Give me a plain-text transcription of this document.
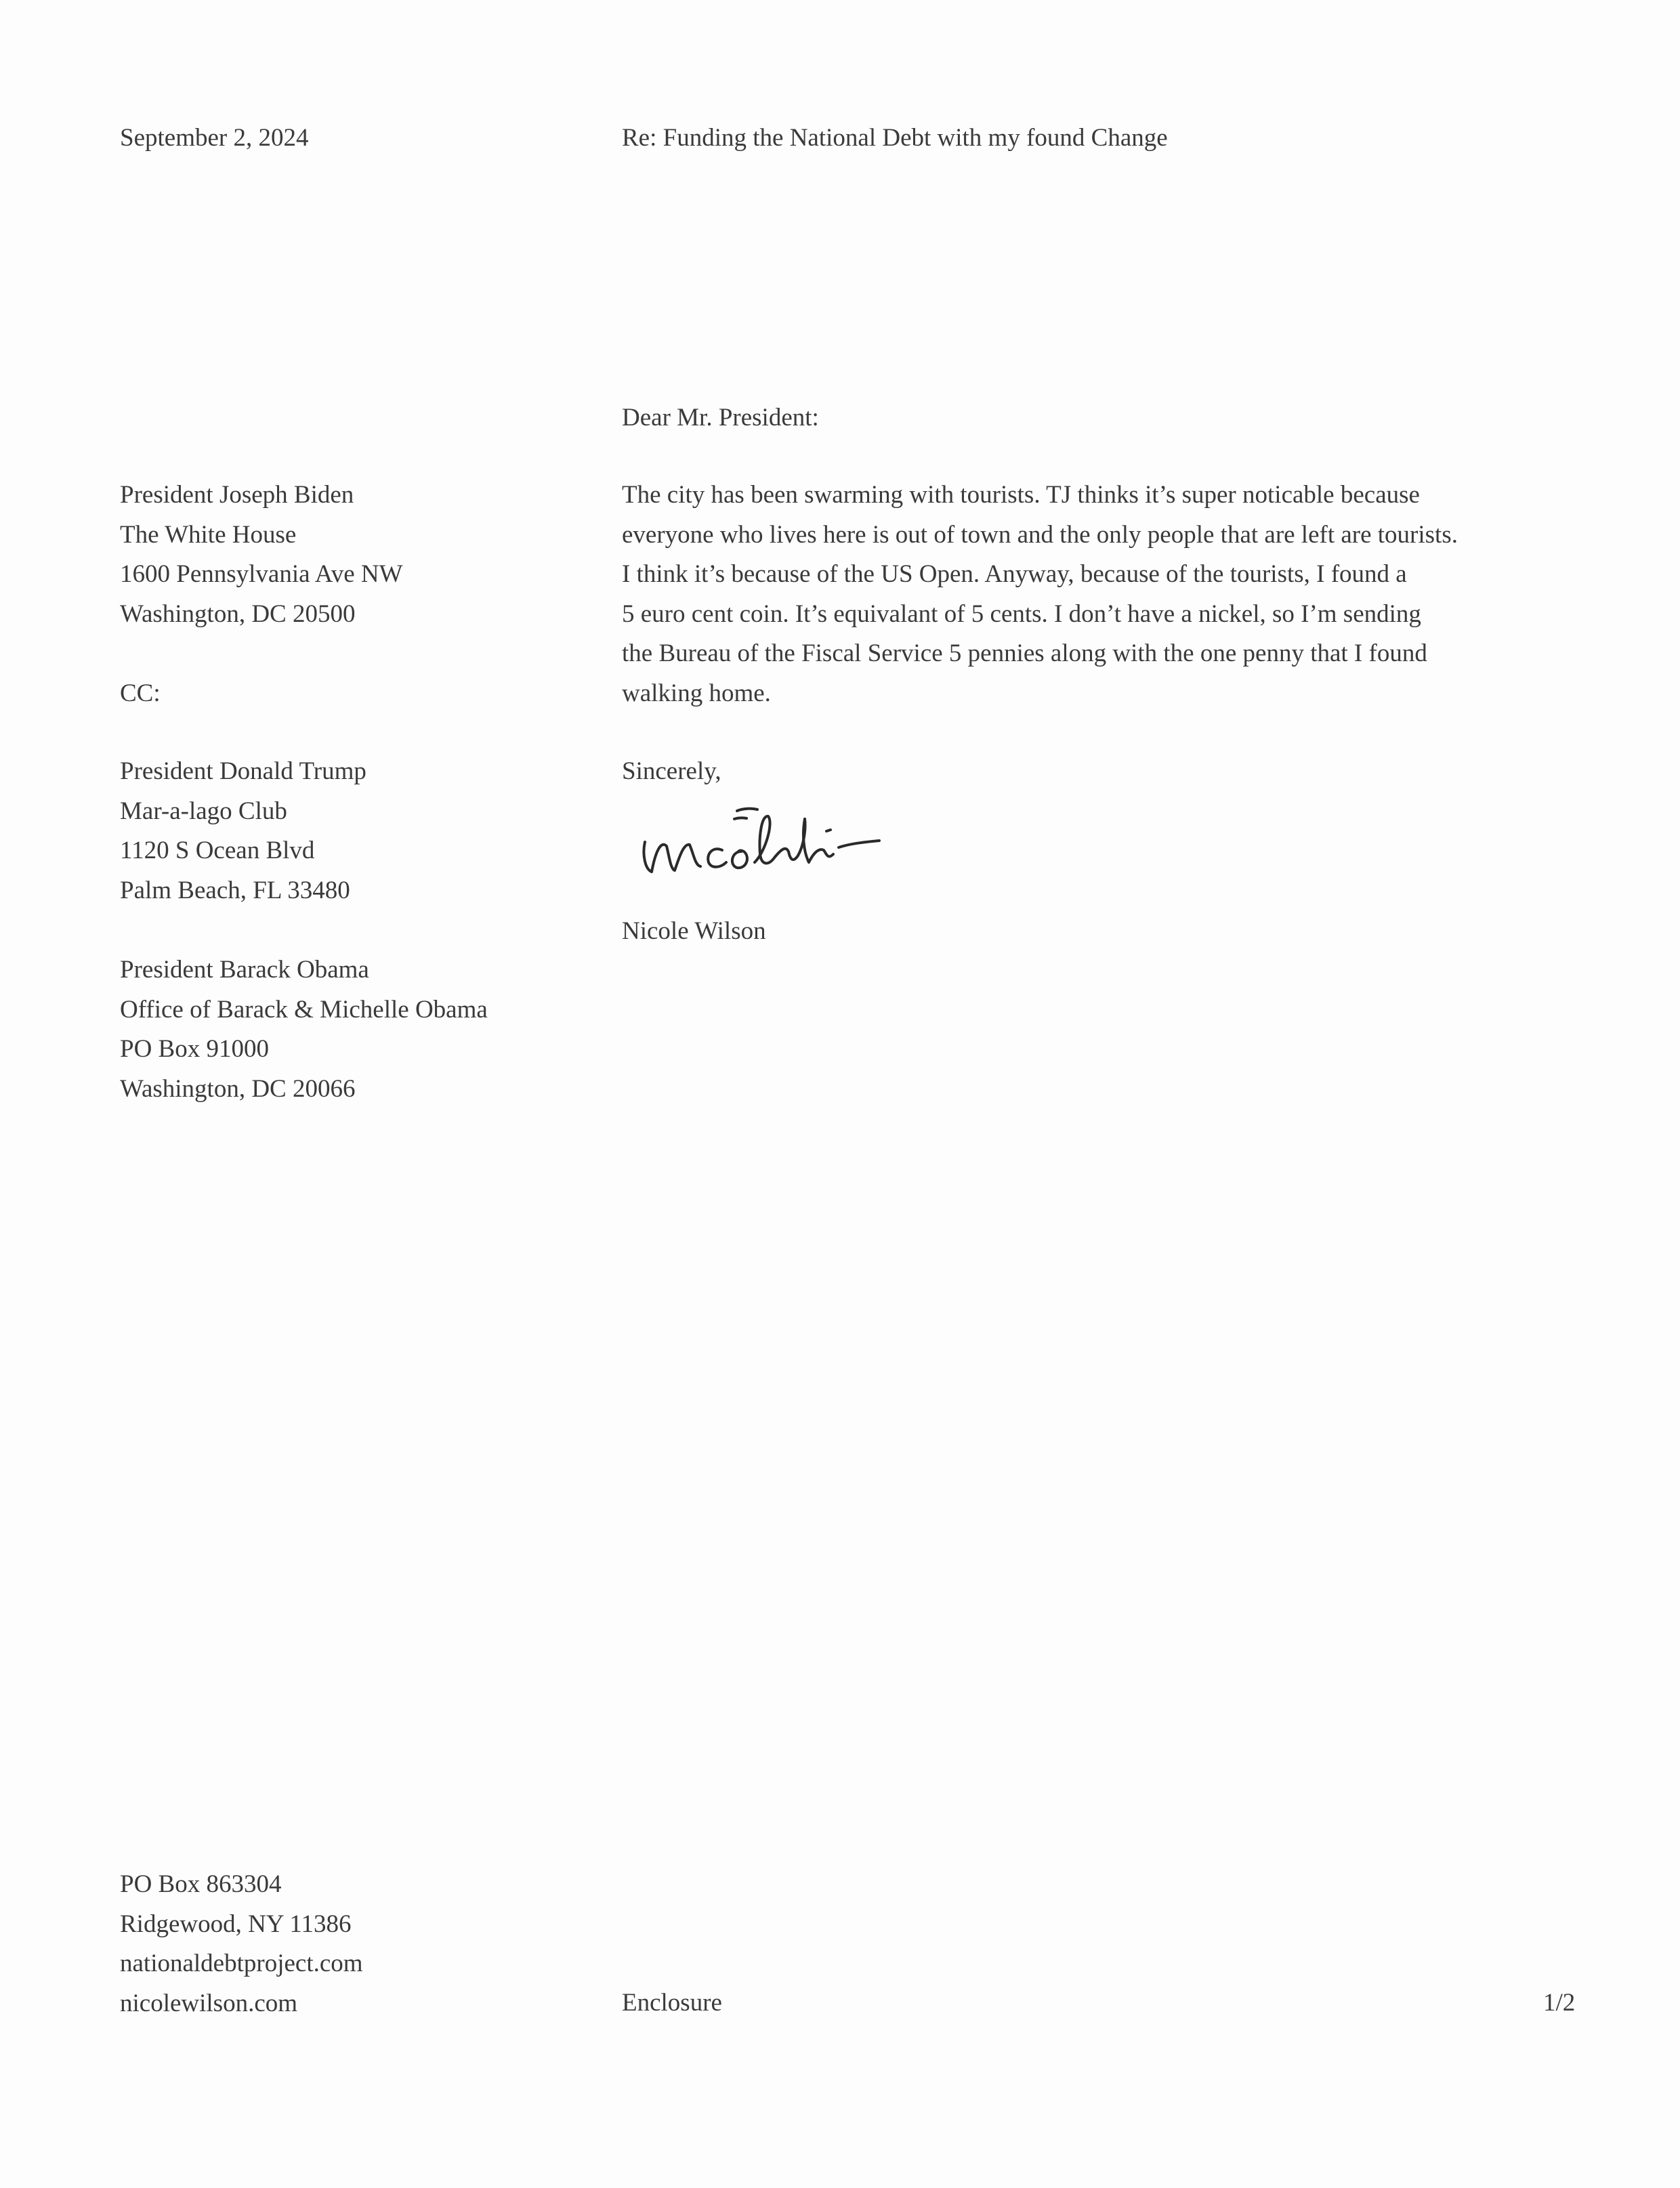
September 2, 2024	Re: Funding the National Debt with my found Change
Dear Mr. President:
President Joseph Biden
The White House
1600 Pennsylvania Ave NW
Washington, DC 20500
CC:
President Donald Trump
Mar-a-lago Club
1120 S Ocean Blvd
Palm Beach, FL 33480
President Barack Obama
Office of Barack & Michelle Obama
PO Box 91000
Washington, DC 20066
The city has been swarming with tourists. TJ thinks it’s super noticable because
everyone who lives here is out of town and the only people that are left are tourists.
I think it’s because of the US Open. Anyway, because of the tourists, I found a
5 euro cent coin. It’s equivalant of 5 cents. I don’t have a nickel, so I’m sending
the Bureau of the Fiscal Service 5 pennies along with the one penny that I found
walking home.
Sincerely,
Nicole Wilson
PO Box 863304
Ridgewood, NY 11386
nationaldebtproject.com
nicolewilson.com	Enclosure	1/2
